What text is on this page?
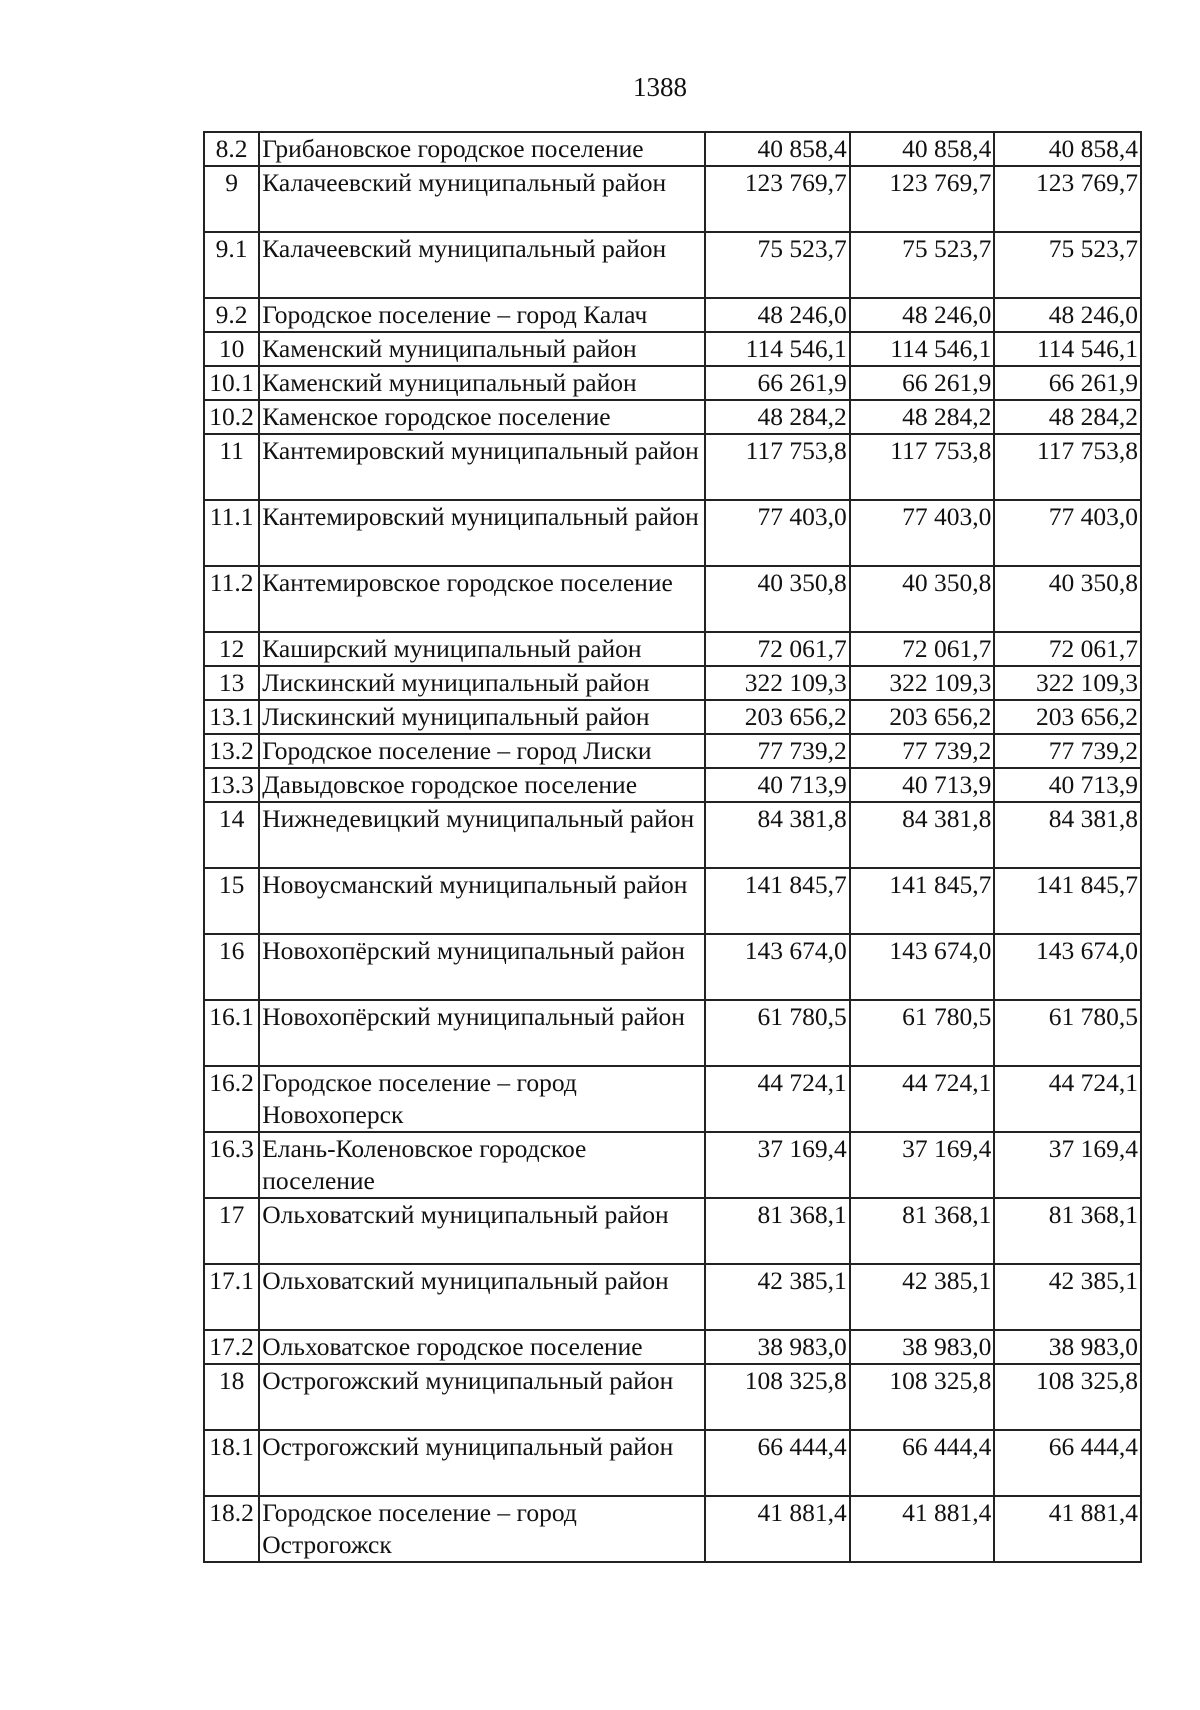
1388
8.2	Грибановское городское поселение	40 858,4	40 858,4	40 858,4
9	Калачеевский муниципальный район	123 769,7	123 769,7	123 769,7
9.1	Калачеевский муниципальный район	75 523,7	75 523,7	75 523,7
9.2	Городское поселение – город Калач	48 246,0	48 246,0	48 246,0
10	Каменский муниципальный район	114 546,1	114 546,1	114 546,1
10.1	Каменский муниципальный район	66 261,9	66 261,9	66 261,9
10.2	Каменское городское поселение	48 284,2	48 284,2	48 284,2
11	Кантемировский муниципальный район	117 753,8	117 753,8	117 753,8
11.1	Кантемировский муниципальный район	77 403,0	77 403,0	77 403,0
11.2	Кантемировское городское поселение	40 350,8	40 350,8	40 350,8
12	Каширский муниципальный район	72 061,7	72 061,7	72 061,7
13	Лискинский муниципальный район	322 109,3	322 109,3	322 109,3
13.1	Лискинский муниципальный район	203 656,2	203 656,2	203 656,2
13.2	Городское поселение – город Лиски	77 739,2	77 739,2	77 739,2
13.3	Давыдовское городское поселение	40 713,9	40 713,9	40 713,9
14	Нижнедевицкий муниципальный район	84 381,8	84 381,8	84 381,8
15	Новоусманский муниципальный район	141 845,7	141 845,7	141 845,7
16	Новохопёрский муниципальный район	143 674,0	143 674,0	143 674,0
16.1	Новохопёрский муниципальный район	61 780,5	61 780,5	61 780,5
16.2	Городское поселение – город Новохоперск	44 724,1	44 724,1	44 724,1
16.3	Елань-Коленовское городское поселение	37 169,4	37 169,4	37 169,4
17	Ольховатский муниципальный район	81 368,1	81 368,1	81 368,1
17.1	Ольховатский муниципальный район	42 385,1	42 385,1	42 385,1
17.2	Ольховатское городское поселение	38 983,0	38 983,0	38 983,0
18	Острогожский муниципальный район	108 325,8	108 325,8	108 325,8
18.1	Острогожский муниципальный район	66 444,4	66 444,4	66 444,4
18.2	Городское поселение – город Острогожск	41 881,4	41 881,4	41 881,4
